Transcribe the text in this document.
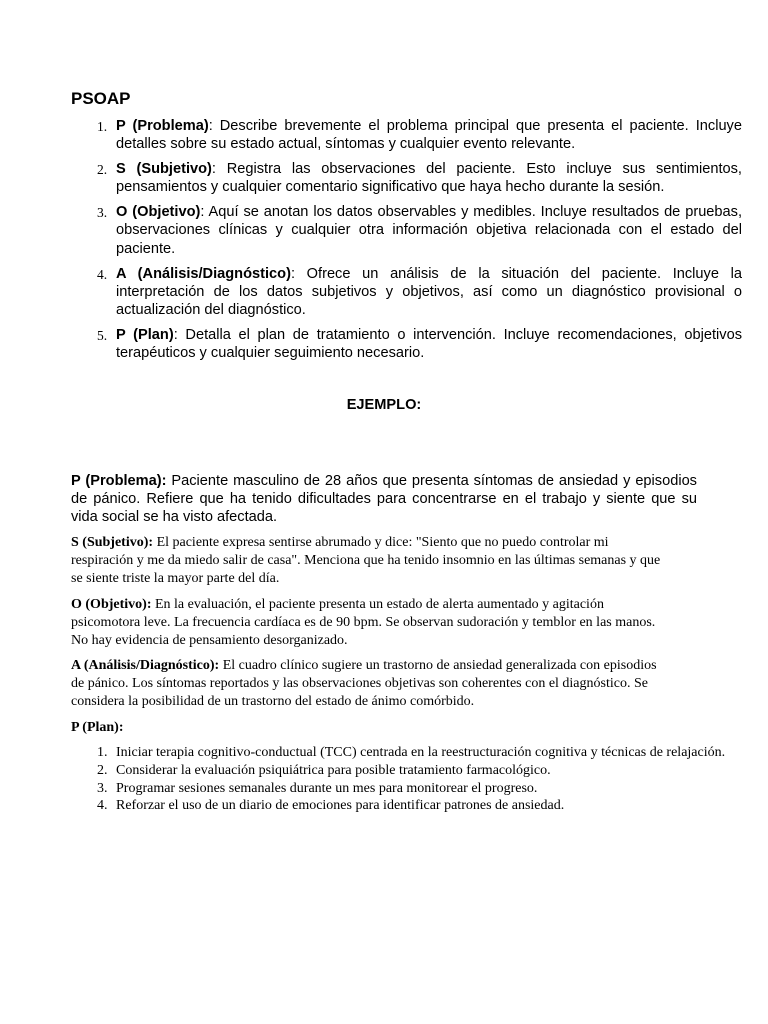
PSOAP
1. P (Problema): Describe brevemente el problema principal que presenta el paciente. Incluye detalles sobre su estado actual, síntomas y cualquier evento relevante.
2. S (Subjetivo): Registra las observaciones del paciente. Esto incluye sus sentimientos, pensamientos y cualquier comentario significativo que haya hecho durante la sesión.
3. O (Objetivo): Aquí se anotan los datos observables y medibles. Incluye resultados de pruebas, observaciones clínicas y cualquier otra información objetiva relacionada con el estado del paciente.
4. A (Análisis/Diagnóstico): Ofrece un análisis de la situación del paciente. Incluye la interpretación de los datos subjetivos y objetivos, así como un diagnóstico provisional o actualización del diagnóstico.
5. P (Plan): Detalla el plan de tratamiento o intervención. Incluye recomendaciones, objetivos terapéuticos y cualquier seguimiento necesario.
EJEMPLO:

P (Problema): Paciente masculino de 28 años que presenta síntomas de ansiedad y episodios de pánico. Refiere que ha tenido dificultades para concentrarse en el trabajo y siente que su vida social se ha visto afectada.

S (Subjetivo): El paciente expresa sentirse abrumado y dice: "Siento que no puedo controlar mi respiración y me da miedo salir de casa". Menciona que ha tenido insomnio en las últimas semanas y que se siente triste la mayor parte del día.

O (Objetivo): En la evaluación, el paciente presenta un estado de alerta aumentado y agitación psicomotora leve. La frecuencia cardíaca es de 90 bpm. Se observan sudoración y temblor en las manos. No hay evidencia de pensamiento desorganizado.

A (Análisis/Diagnóstico): El cuadro clínico sugiere un trastorno de ansiedad generalizada con episodios de pánico. Los síntomas reportados y las observaciones objetivas son coherentes con el diagnóstico. Se considera la posibilidad de un trastorno del estado de ánimo comórbido.

P (Plan):

1. Iniciar terapia cognitivo-conductual (TCC) centrada en la reestructuración cognitiva y técnicas de relajación.
2. Considerar la evaluación psiquiátrica para posible tratamiento farmacológico.
3. Programar sesiones semanales durante un mes para monitorear el progreso.
4. Reforzar el uso de un diario de emociones para identificar patrones de ansiedad.
